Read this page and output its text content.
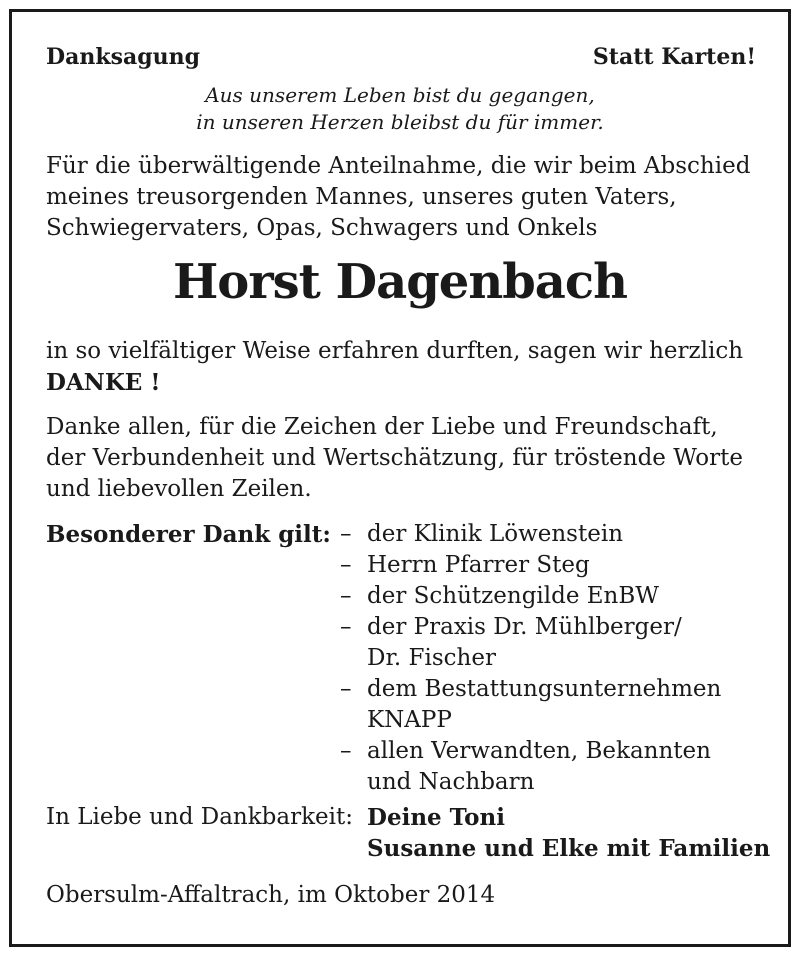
Danksagung	Statt Karten!
Aus unserem Leben bist du gegangen,
in unseren Herzen bleibst du für immer.
Für die überwältigende Anteilnahme, die wir beim Abschied
meines treusorgenden Mannes, unseres guten Vaters,
Schwiegervaters, Opas, Schwagers und Onkels
Horst Dagenbach
in so vielfältiger Weise erfahren durften, sagen wir herzlich
DANKE !
Danke allen, für die Zeichen der Liebe und Freundschaft,
der Verbundenheit und Wertschätzung, für tröstende Worte
und liebevollen Zeilen.
Besonderer Dank gilt: – der Klinik Löwenstein
– Herrn Pfarrer Steg
– der Schützengilde EnBW
– der Praxis Dr. Mühlberger/
Dr. Fischer
– dem Bestattungsunternehmen
KNAPP
– allen Verwandten, Bekannten
und Nachbarn
In Liebe und Dankbarkeit: Deine Toni
Susanne und Elke mit Familien
Obersulm-Affaltrach, im Oktober 2014
